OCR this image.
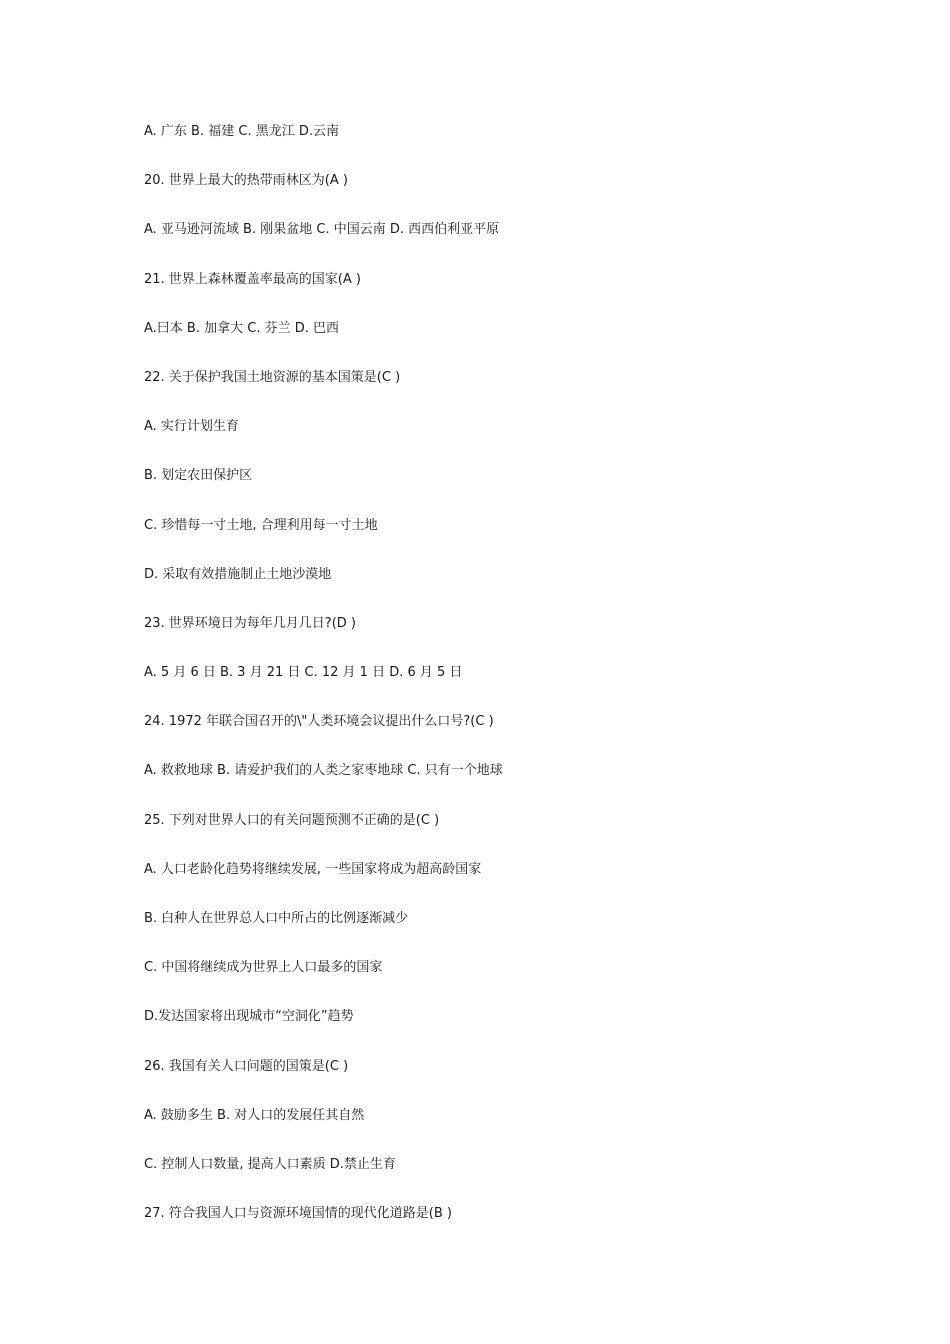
A. 广东 B. 福建 C. 黑龙江 D.云南
20. 世界上最大的热带雨林区为(A )
A. 亚马逊河流域 B. 刚果盆地 C. 中国云南 D. 西西伯利亚平原
21. 世界上森林覆盖率最高的国家(A )
A.曰本 B. 加拿大 C. 芬兰 D. 巴西
22. 关于保护我国土地资源的基本国策是(C )
A. 实行计划生育
B. 划定农田保护区
C. 珍惜每一寸土地, 合理利用每一寸土地
D. 采取有效措施制止土地沙漠地
23. 世界环境日为每年几月几日?(D )
A. 5 月 6 日 B. 3 月 21 日 C. 12 月 1 日 D. 6 月 5 日
24. 1972 年联合国召开的\"人类环境会议提出什么口号?(C )
A. 救救地球 B. 请爱护我们的人类之家枣地球 C. 只有一个地球
25. 下列对世界人口的有关问题预测不正确的是(C )
A. 人口老龄化趋势将继续发展, 一些国家将成为超高龄国家
B. 白种人在世界总人口中所占的比例逐渐减少
C. 中国将继续成为世界上人口最多的国家
D.发达国家将出现城市“空洞化”趋势
26. 我国有关人口问题的国策是(C )
A. 鼓励多生 B. 对人口的发展任其自然
C. 控制人口数量, 提高人口素质 D.禁止生育
27. 符合我国人口与资源环境国情的现代化道路是(B )
